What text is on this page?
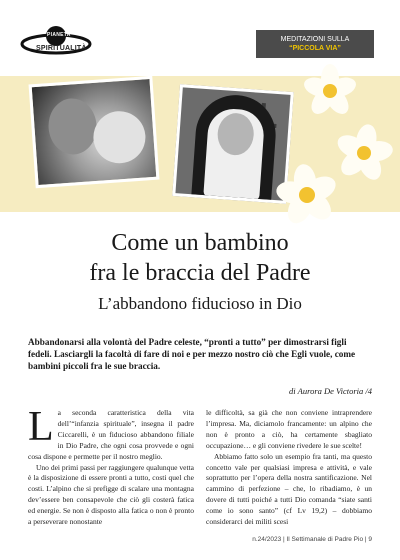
PIANETA
SPIRITUALITÀ
MEDITAZIONI SULLA
“PICCOLA VIA”
Come un bambino
fra le braccia del Padre
L’abbandono fiducioso in Dio
Abbandonarsi alla volontà del Padre celeste, “pronti a tutto” per dimostrarsi figli fedeli. Lasciargli la facoltà di fare di noi e per mezzo nostro ciò che Egli vuole, come bambini piccoli fra le sue braccia.
di Aurora De Victoria /4

La seconda caratteristica della vita dell’“infanzia spirituale”, insegna il padre Ciccarelli, è un fiducioso abbandono filiale in Dio Padre, che ogni cosa provvede e ogni cosa dispone e permette per il nostro meglio.

Uno dei primi passi per raggiungere qualunque vetta è la disposizione di essere pronti a tutto, costi quel che costi. L’alpino che si prefigge di scalare una montagna dev’essere ben consapevole che ciò gli costerà fatica ed energie. Se non è disposto alla fatica o non è pronto a perseverare nonostante

le difficoltà, sa già che non conviene intraprendere l’impresa. Ma, diciamolo francamente: un alpino che non è pronto a ciò, ha certamente sbagliato occupazione… e gli conviene rivedere le sue scelte!

Abbiamo fatto solo un esempio fra tanti, ma questo concetto vale per qualsiasi impresa e attività, e vale soprattutto per l’opera della nostra santificazione. Nel cammino di perfezione – che, lo ribadiamo, è un dovere di tutti poiché a tutti Dio comanda “siate santi come io sono santo” (cf Lv 19,2) – dobbiamo considerarci dei militi scesi

n.24/2023 | Il Settimanale di Padre Pio | 9
